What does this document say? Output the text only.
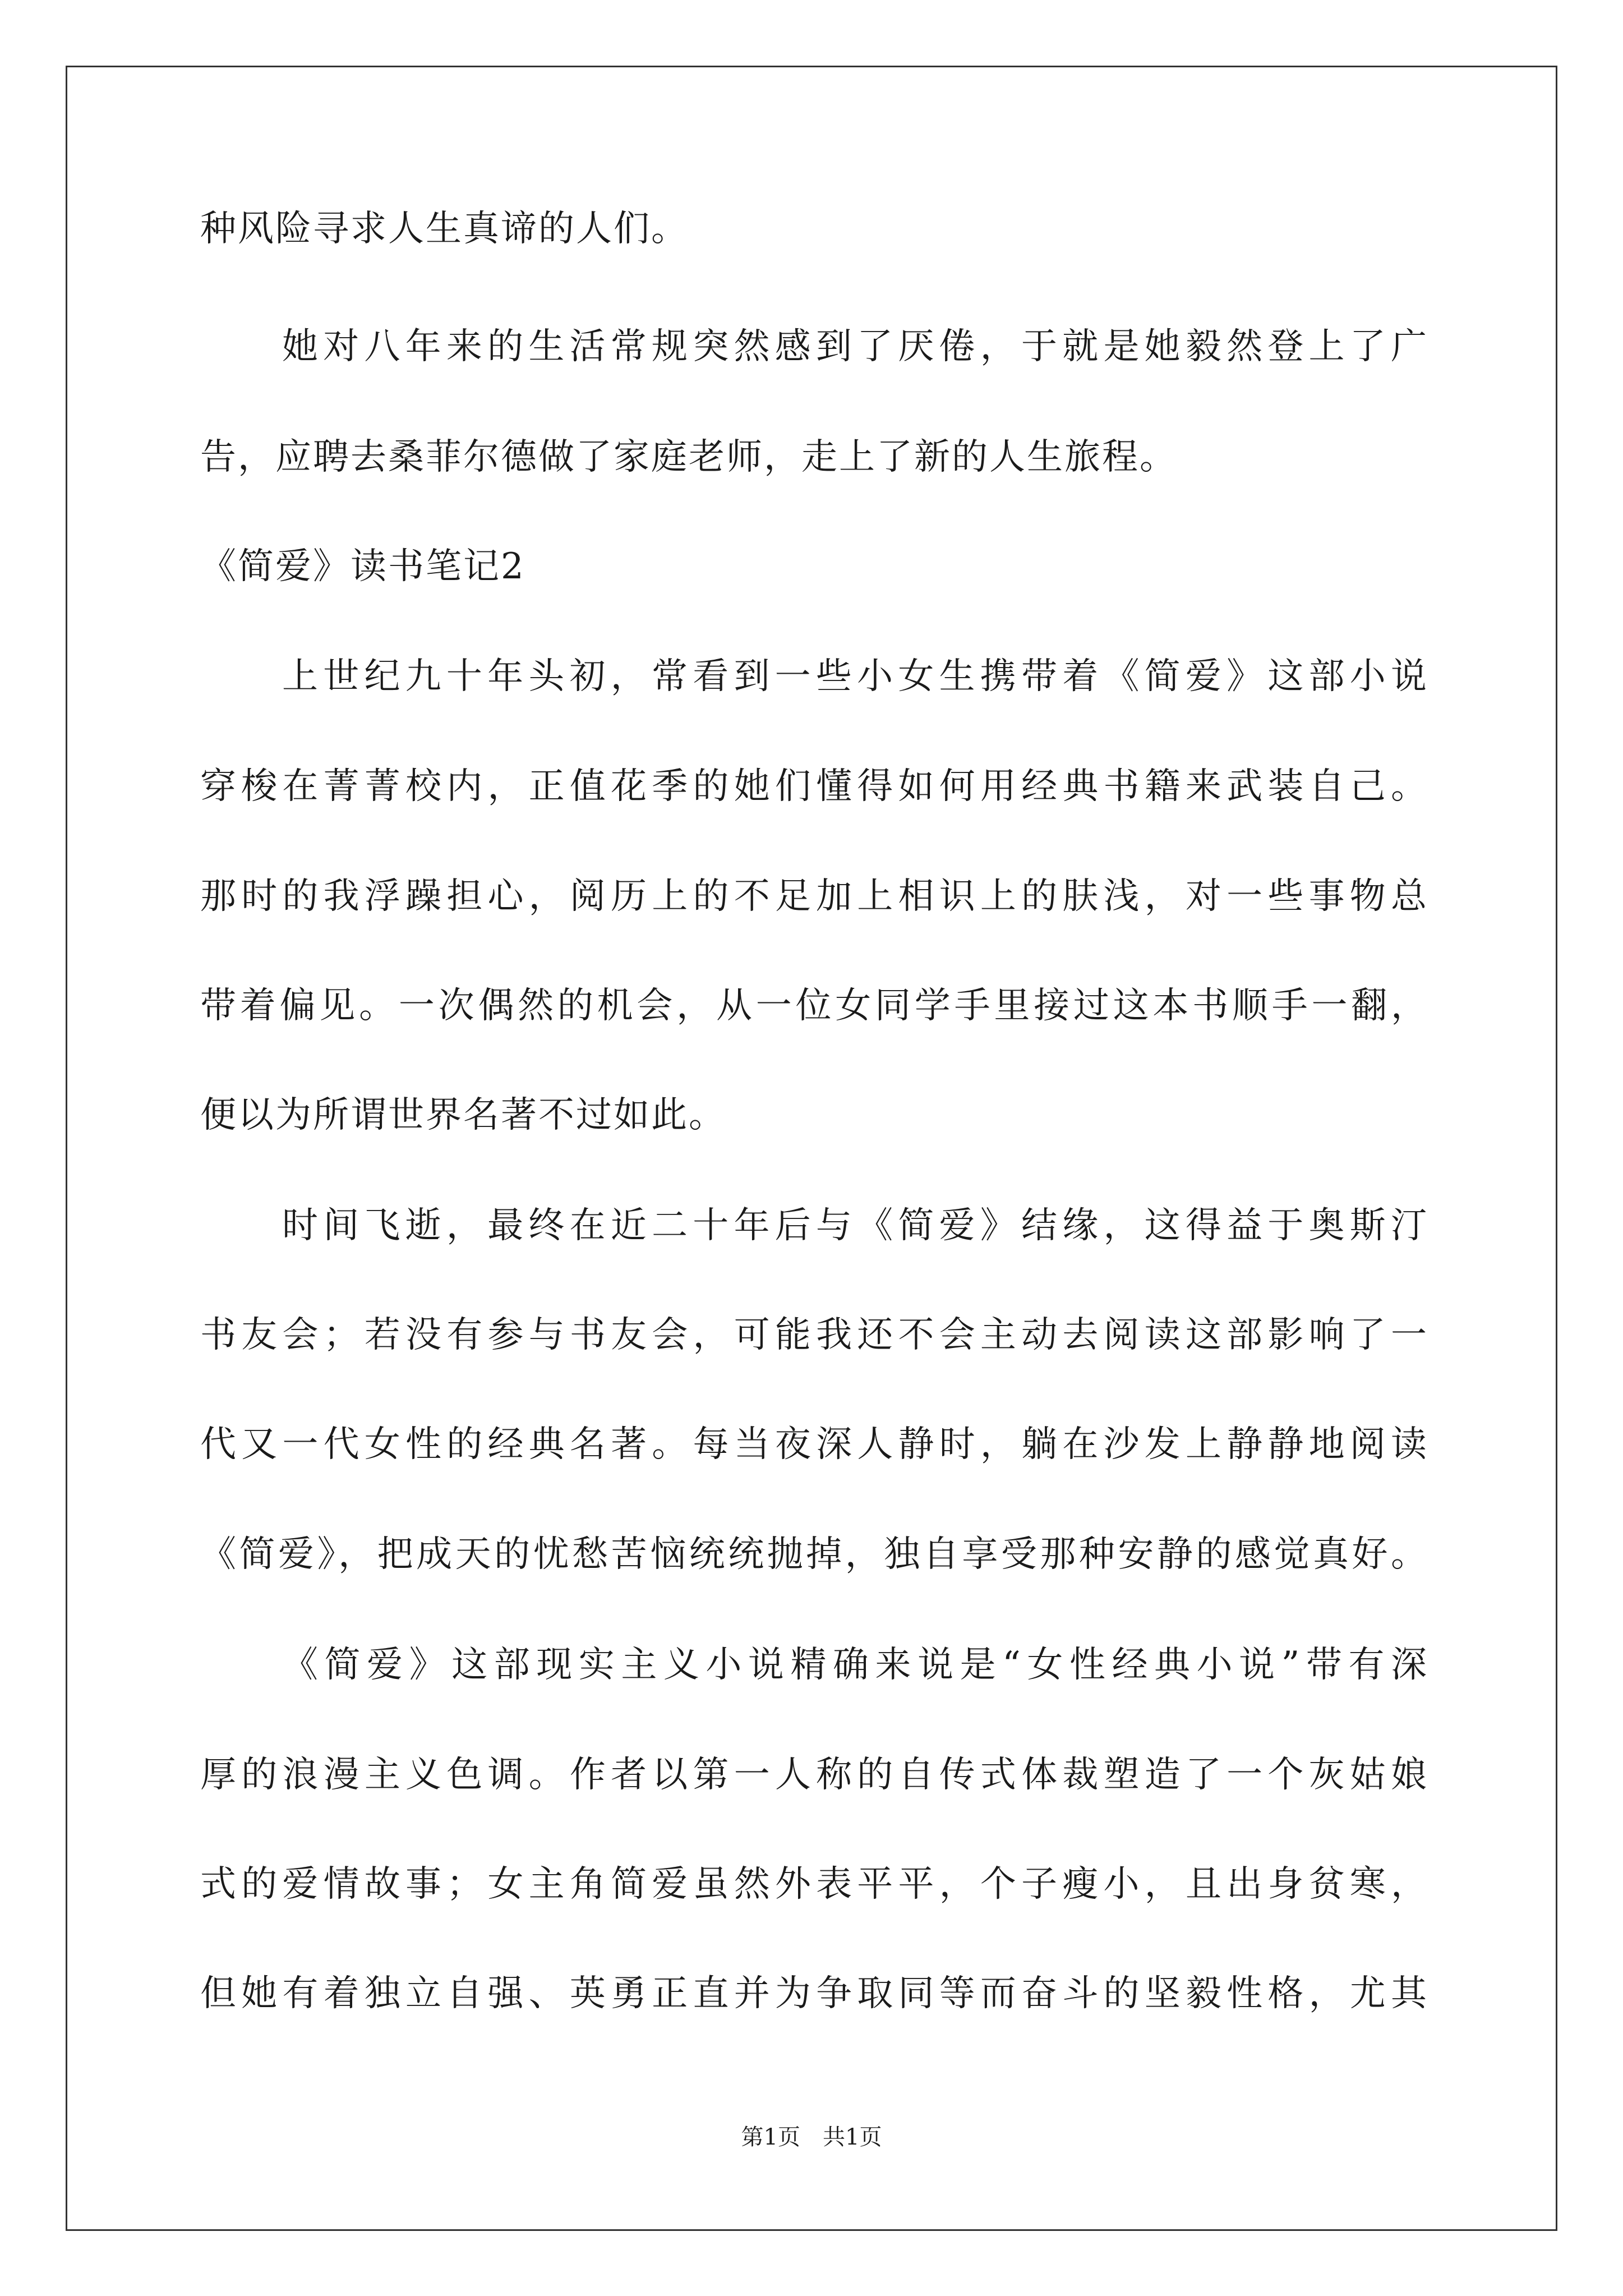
种风险寻求人生真谛的人们。
她对八年来的生活常规突然感到了厌倦，于就是她毅然登上了广
告，应聘去桑菲尔德做了家庭老师，走上了新的人生旅程。
《简爱》读书笔记2
上世纪九十年头初，常看到一些小女生携带着《简爱》这部小说
穿梭在菁菁校内，正值花季的她们懂得如何用经典书籍来武装自己。
那时的我浮躁担心，阅历上的不足加上相识上的肤浅，对一些事物总
带着偏见。一次偶然的机会，从一位女同学手里接过这本书顺手一翻，
便以为所谓世界名著不过如此。
时间飞逝，最终在近二十年后与《简爱》结缘，这得益于奥斯汀
书友会；若没有参与书友会，可能我还不会主动去阅读这部影响了一
代又一代女性的经典名著。每当夜深人静时，躺在沙发上静静地阅读
《简爱》，把成天的忧愁苦恼统统抛掉，独自享受那种安静的感觉真好。
《简爱》这部现实主义小说精确来说是“女性经典小说”带有深
厚的浪漫主义色调。作者以第一人称的自传式体裁塑造了一个灰姑娘
式的爱情故事；女主角简爱虽然外表平平，个子瘦小，且出身贫寒，
但她有着独立自强、英勇正直并为争取同等而奋斗的坚毅性格，尤其
第1页 共1页
